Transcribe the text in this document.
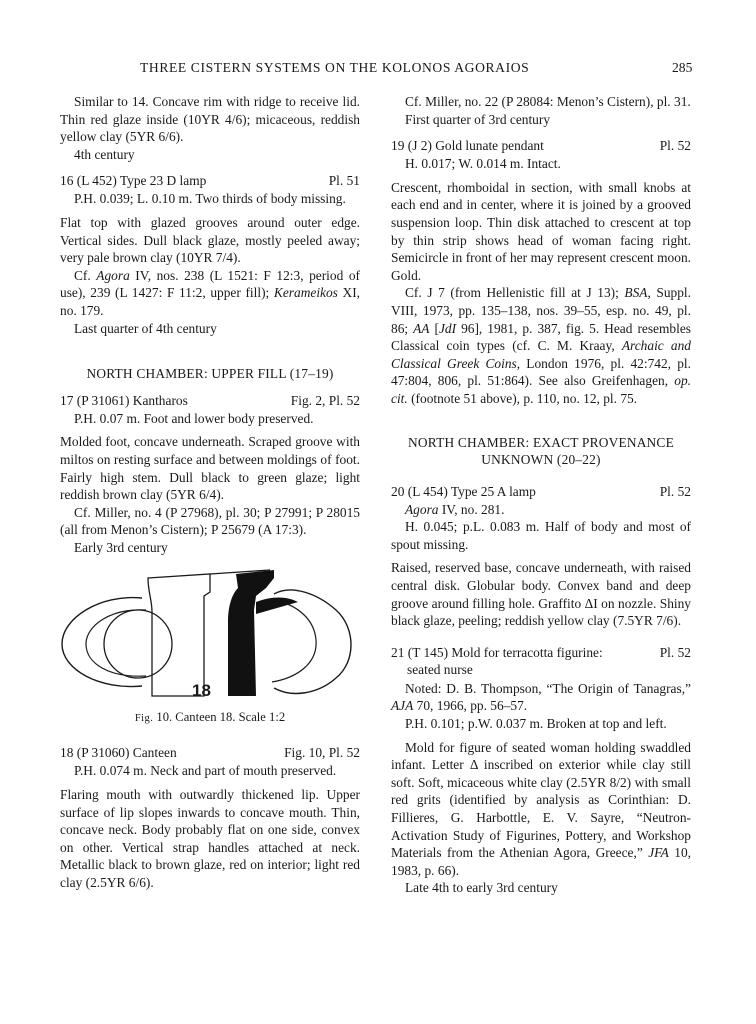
THREE CISTERN SYSTEMS ON THE KOLONOS AGORAIOS	285

Similar to 14. Concave rim with ridge to receive lid. Thin red glaze inside (10YR 4/6); micaceous, reddish yellow clay (5YR 6/6).

4th century

16 (L 452) Type 23 D lamp	Pl. 51

P.H. 0.039; L. 0.10 m. Two thirds of body missing.

Flat top with glazed grooves around outer edge. Vertical sides. Dull black glaze, mostly peeled away; very pale brown clay (10YR 7/4).

Cf. Agora IV, nos. 238 (L 1521: F 12:3, period of use), 239 (L 1427: F 11:2, upper fill); Kerameikos XI, no. 179.

Last quarter of 4th century

NORTH CHAMBER: UPPER FILL (17–19)

17 (P 31061) Kantharos	Fig. 2, Pl. 52

P.H. 0.07 m. Foot and lower body preserved.

Molded foot, concave underneath. Scraped groove with miltos on resting surface and between moldings of foot. Fairly high stem. Dull black to green glaze; light reddish brown clay (5YR 6/4).

Cf. Miller, no. 4 (P 27968), pl. 30; P 27991; P 28015 (all from Menon’s Cistern); P 25679 (A 17:3).

Early 3rd century

18
Fig. 10. Canteen 18. Scale 1:2
18 (P 31060) Canteen	Fig. 10, Pl. 52

P.H. 0.074 m. Neck and part of mouth preserved.

Flaring mouth with outwardly thickened lip. Upper surface of lip slopes inwards to concave mouth. Thin, concave neck. Body probably flat on one side, convex on other. Vertical strap handles attached at neck. Metallic black to brown glaze, red on interior; light red clay (2.5YR 6/6).

Cf. Miller, no. 22 (P 28084: Menon’s Cistern), pl. 31.

First quarter of 3rd century

19 (J 2) Gold lunate pendant	Pl. 52

H. 0.017; W. 0.014 m. Intact.

Crescent, rhomboidal in section, with small knobs at each end and in center, where it is joined by a grooved suspension loop. Thin disk attached to crescent at top by thin strip shows head of woman facing right. Semicircle in front of her may represent crescent moon. Gold.

Cf. J 7 (from Hellenistic fill at J 13); BSA, Suppl. VIII, 1973, pp. 135–138, nos. 39–55, esp. no. 49, pl. 86; AA [JdI 96], 1981, p. 387, fig. 5. Head resembles Classical coin types (cf. C. M. Kraay, Archaic and Classical Greek Coins, London 1976, pl. 42:742, pl. 47:804, 806, pl. 51:864). See also Greifenhagen, op. cit. (footnote 51 above), p. 110, no. 12, pl. 75.

NORTH CHAMBER: EXACT PROVENANCE

UNKNOWN (20–22)

20 (L 454) Type 25 A lamp	Pl. 52

Agora IV, no. 281.

H. 0.045; p.L. 0.083 m. Half of body and most of spout missing.

Raised, reserved base, concave underneath, with raised central disk. Globular body. Convex band and deep groove around filling hole. Graffito ΔI on nozzle. Shiny black glaze, peeling; reddish yellow clay (7.5YR 7/6).

21 (T 145) Mold for terracotta figurine:	Pl. 52
seated nurse

Noted: D. B. Thompson, “The Origin of Tanagras,” AJA 70, 1966, pp. 56–57.

P.H. 0.101; p.W. 0.037 m. Broken at top and left.

Mold for figure of seated woman holding swaddled infant. Letter Δ inscribed on exterior while clay still soft. Soft, micaceous white clay (2.5YR 8/2) with small red grits (identified by analysis as Corinthian: D. Fillieres, G. Harbottle, E. V. Sayre, “Neutron-Activation Study of Figurines, Pottery, and Workshop Materials from the Athenian Agora, Greece,” JFA 10, 1983, p. 66).

Late 4th to early 3rd century
